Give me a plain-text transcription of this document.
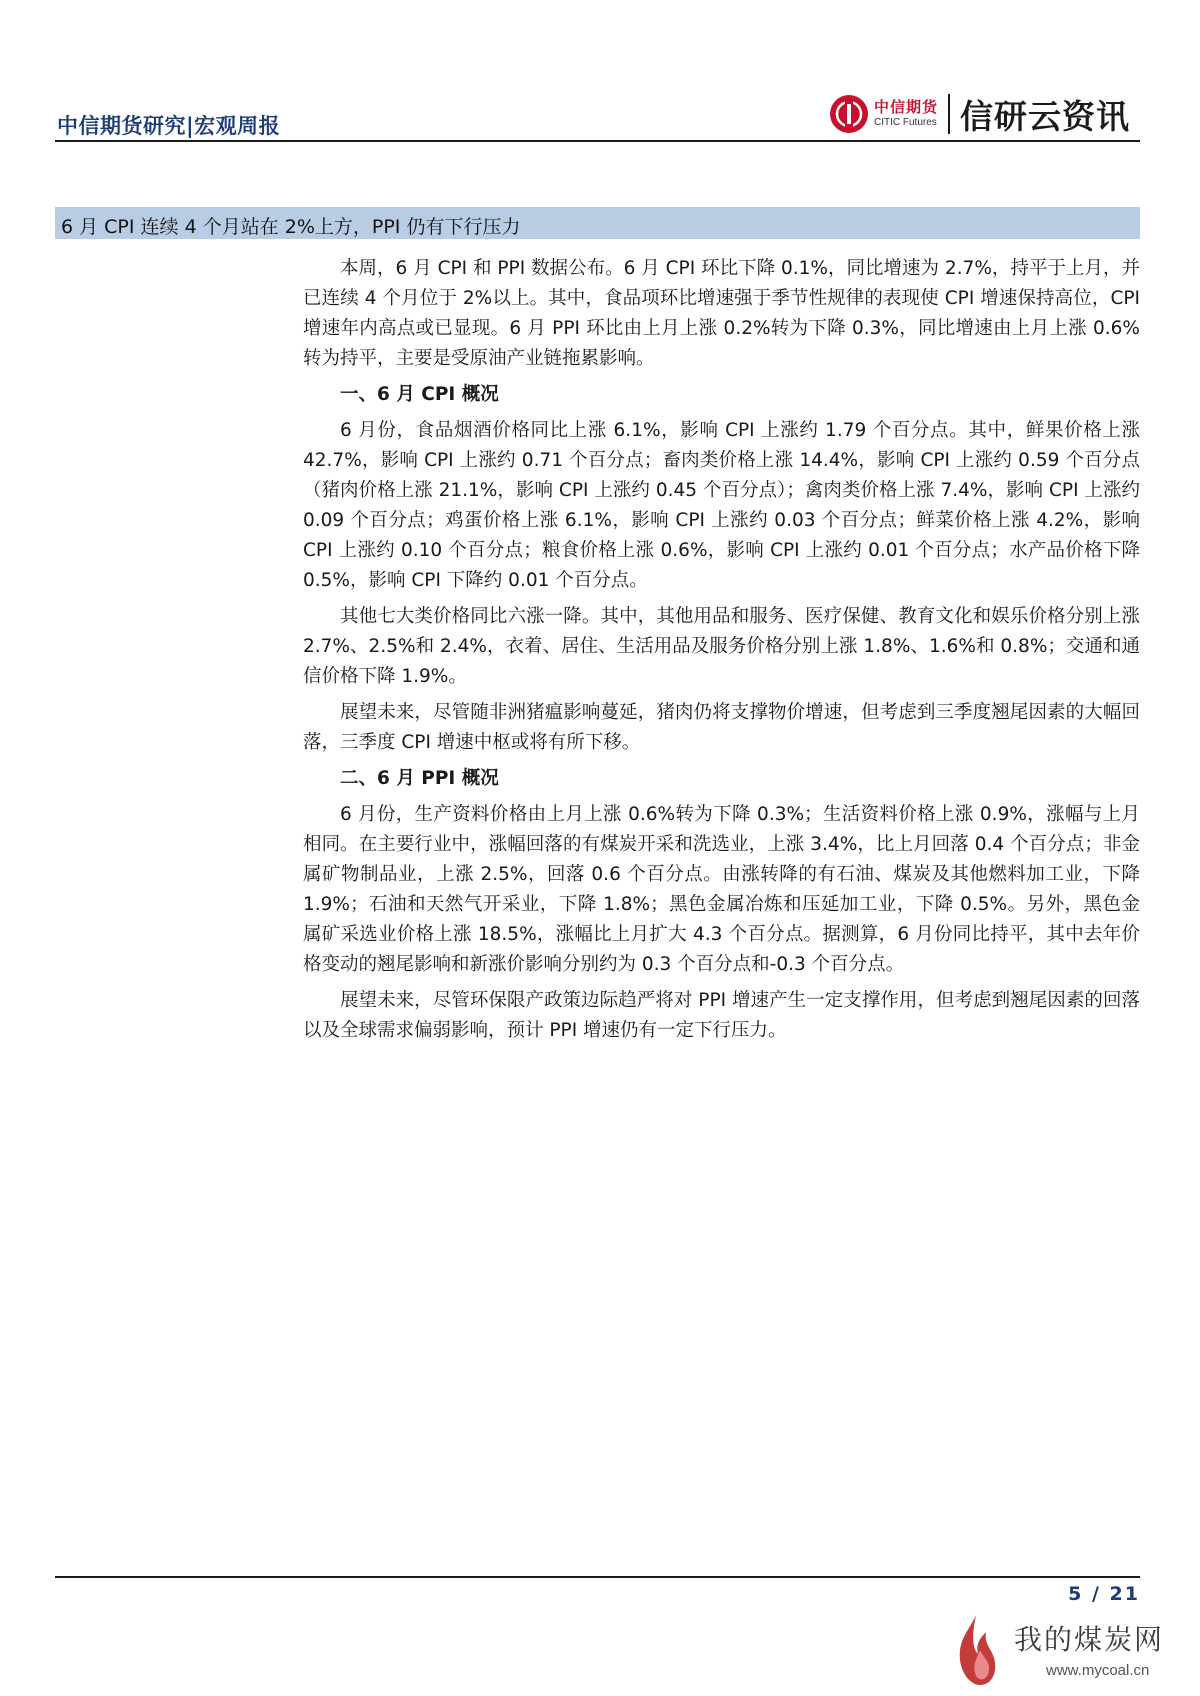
中信期货研究|宏观周报
中信期货
CITIC Futures 信研云资讯
6 月 CPI 连续 4 个月站在 2%上方，PPI 仍有下行压力

本周，6 月 CPI 和 PPI 数据公布。6 月 CPI 环比下降 0.1%，同比增速为 2.7%，持平于上月，并已连续 4 个月位于 2%以上。其中，食品项环比增速强于季节性规律的表现使 CPI 增速保持高位，CPI 增速年内高点或已显现。6 月 PPI 环比由上月上涨 0.2%转为下降 0.3%，同比增速由上月上涨 0.6%转为持平，主要是受原油产业链拖累影响。

一、6 月 CPI 概况

6 月份，食品烟酒价格同比上涨 6.1%，影响 CPI 上涨约 1.79 个百分点。其中，鲜果价格上涨 42.7%，影响 CPI 上涨约 0.71 个百分点；畜肉类价格上涨 14.4%，影响 CPI 上涨约 0.59 个百分点（猪肉价格上涨 21.1%，影响 CPI 上涨约 0.45 个百分点）；禽肉类价格上涨 7.4%，影响 CPI 上涨约 0.09 个百分点；鸡蛋价格上涨 6.1%，影响 CPI 上涨约 0.03 个百分点；鲜菜价格上涨 4.2%，影响 CPI 上涨约 0.10 个百分点；粮食价格上涨 0.6%，影响 CPI 上涨约 0.01 个百分点；水产品价格下降 0.5%，影响 CPI 下降约 0.01 个百分点。

其他七大类价格同比六涨一降。其中，其他用品和服务、医疗保健、教育文化和娱乐价格分别上涨 2.7%、2.5%和 2.4%，衣着、居住、生活用品及服务价格分别上涨 1.8%、1.6%和 0.8%；交通和通信价格下降 1.9%。

展望未来，尽管随非洲猪瘟影响蔓延，猪肉仍将支撑物价增速，但考虑到三季度翘尾因素的大幅回落，三季度 CPI 增速中枢或将有所下移。

二、6 月 PPI 概况

6 月份，生产资料价格由上月上涨 0.6%转为下降 0.3%；生活资料价格上涨 0.9%，涨幅与上月相同。在主要行业中，涨幅回落的有煤炭开采和洗选业，上涨 3.4%，比上月回落 0.4 个百分点；非金属矿物制品业，上涨 2.5%，回落 0.6 个百分点。由涨转降的有石油、煤炭及其他燃料加工业，下降 1.9%；石油和天然气开采业，下降 1.8%；黑色金属冶炼和压延加工业，下降 0.5%。另外，黑色金属矿采选业价格上涨 18.5%，涨幅比上月扩大 4.3 个百分点。据测算，6 月份同比持平，其中去年价格变动的翘尾影响和新涨价影响分别约为 0.3 个百分点和-0.3 个百分点。

展望未来，尽管环保限产政策边际趋严将对 PPI 增速产生一定支撑作用，但考虑到翘尾因素的回落以及全球需求偏弱影响，预计 PPI 增速仍有一定下行压力。

5 / 21
我的煤炭网
www.mycoal.cn
